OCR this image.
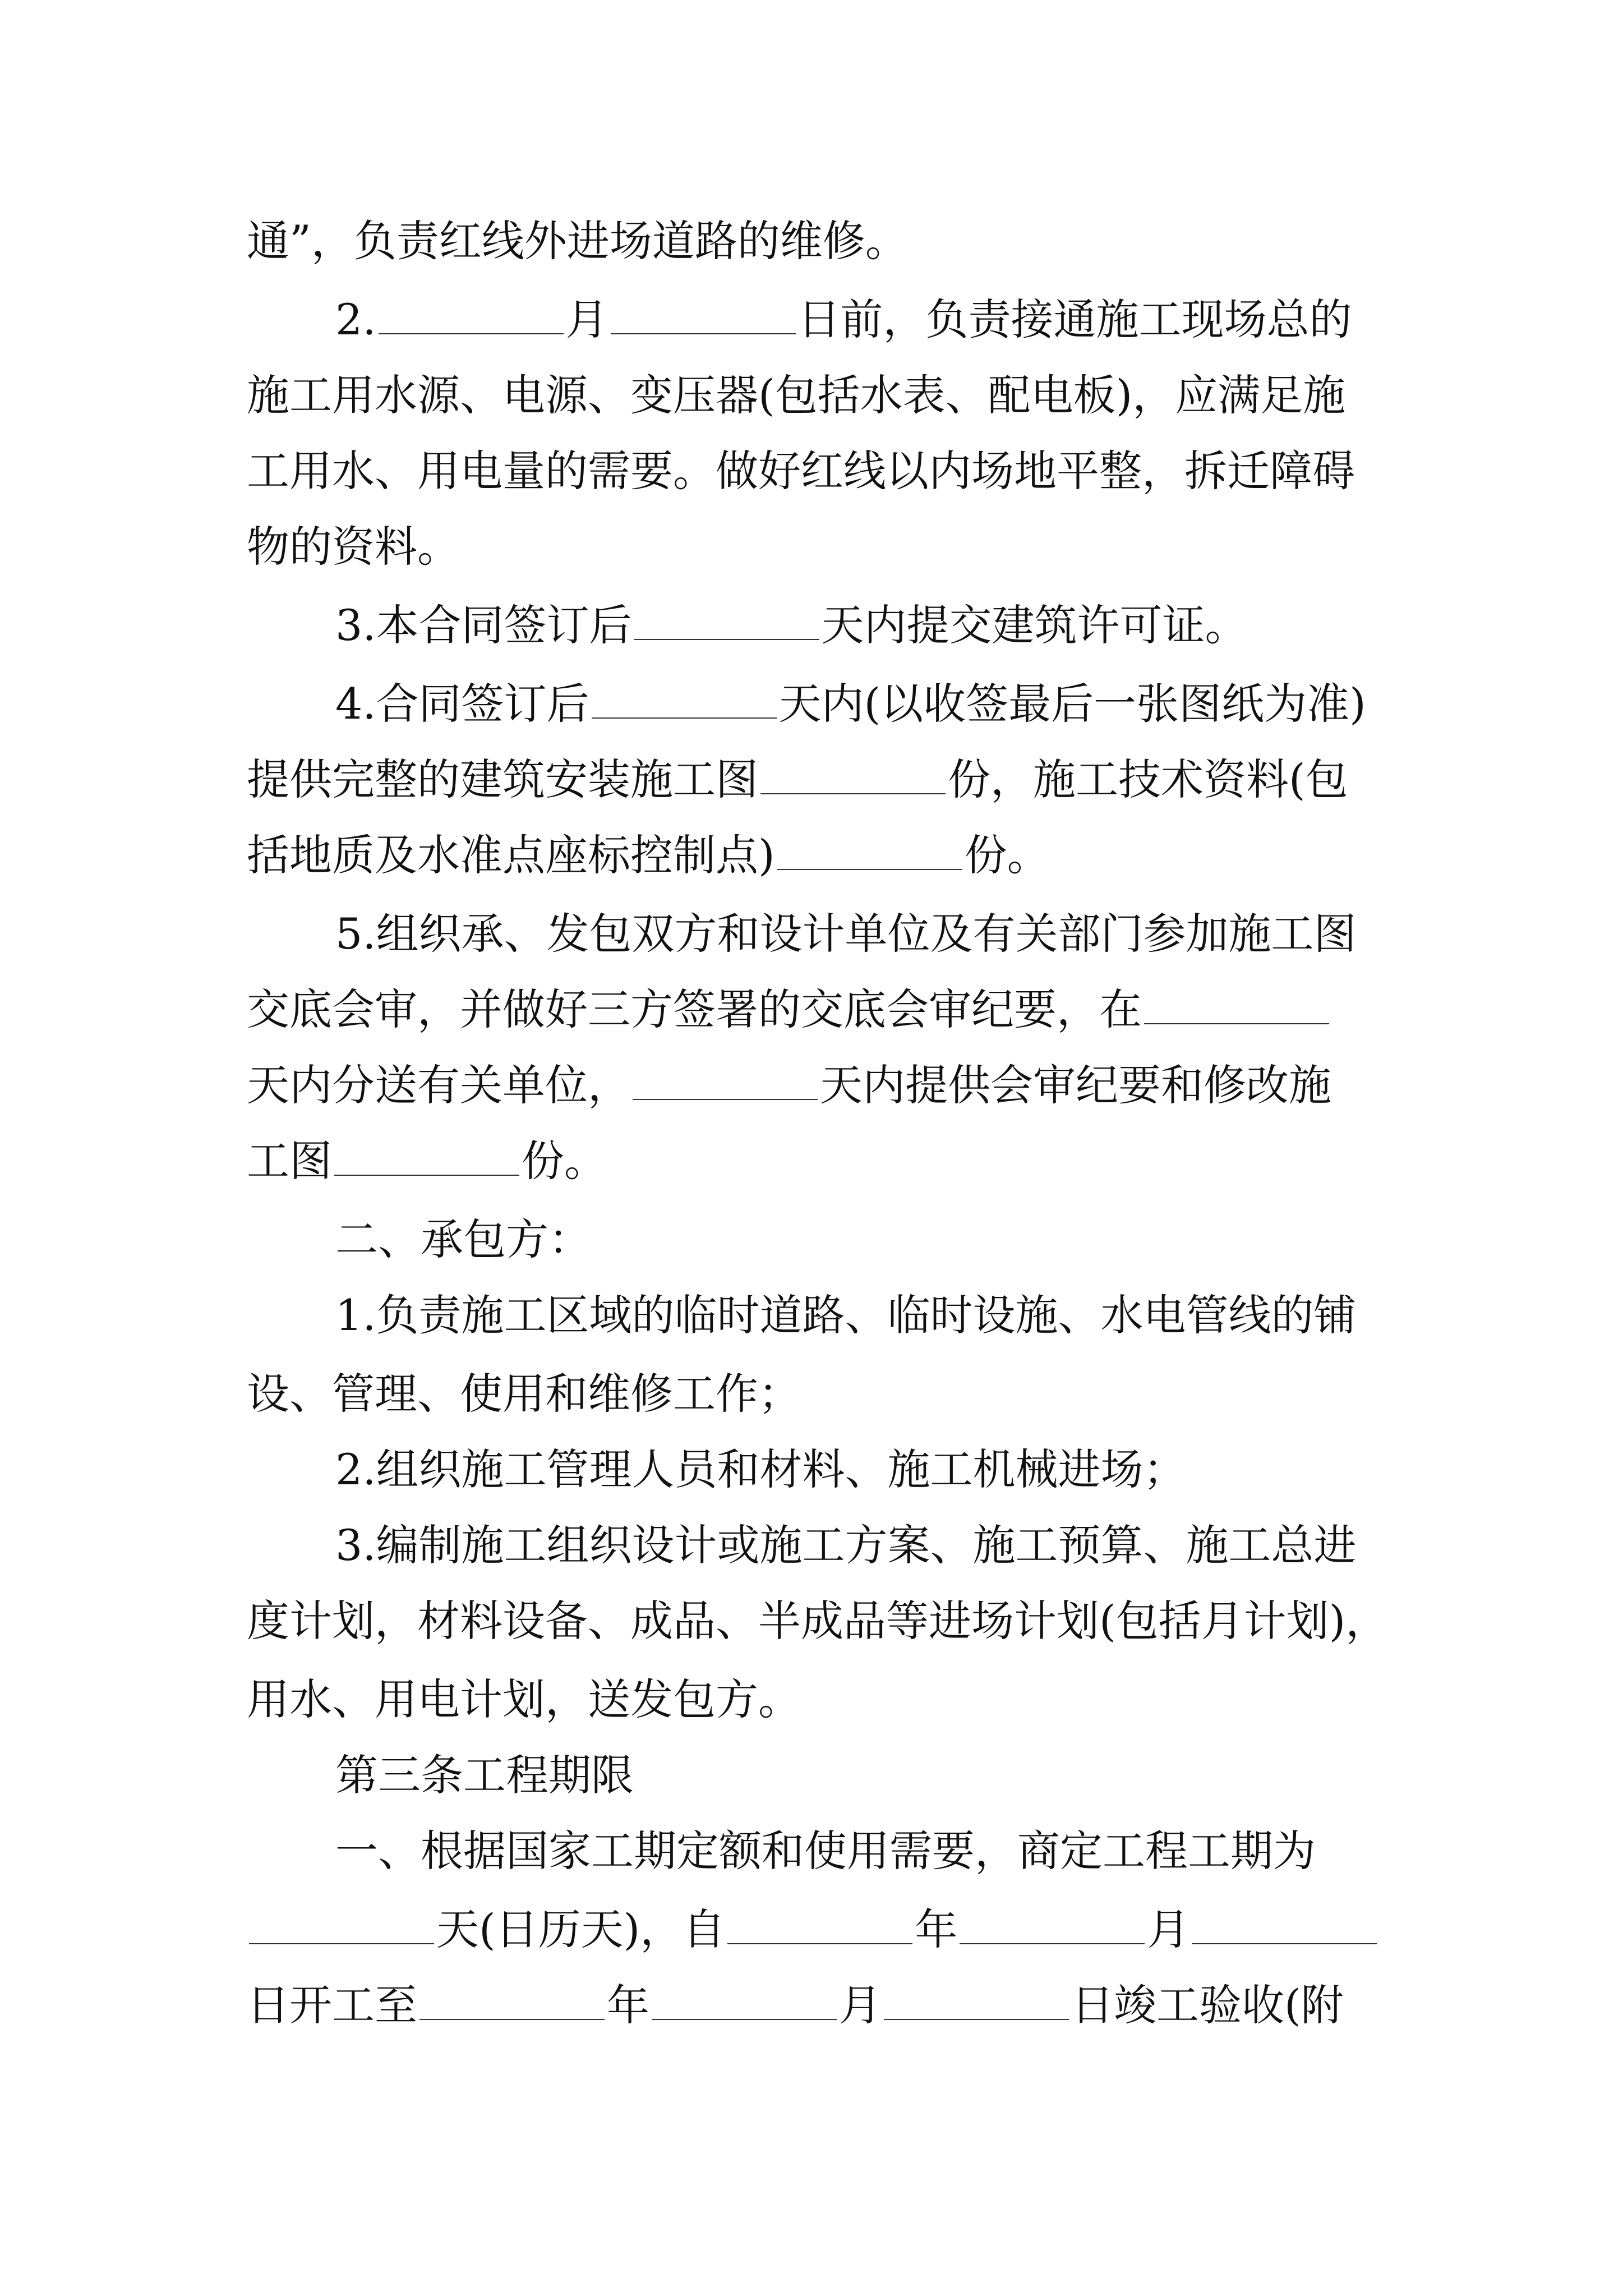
通”，负责红线外进场道路的维修。
2.	月	日前，负责接通施工现场总的
施工用水源、电源、变压器(包括水表、配电板)，应满足施
工用水、用电量的需要。做好红线以内场地平整，拆迁障碍
物的资料。
3.本合同签订后	天内提交建筑许可证。
4.合同签订后	天内(以收签最后一张图纸为准)
提供完整的建筑安装施工图	份，施工技术资料(包
括地质及水准点座标控制点)	份。
5.组织承、发包双方和设计单位及有关部门参加施工图
交底会审，并做好三方签署的交底会审纪要，在
天内分送有关单位，	天内提供会审纪要和修改施
工图	份。
二、承包方：
1.负责施工区域的临时道路、临时设施、水电管线的铺
设、管理、使用和维修工作；
2.组织施工管理人员和材料、施工机械进场；
3.编制施工组织设计或施工方案、施工预算、施工总进
度计划，材料设备、成品、半成品等进场计划(包括月计划)，
用水、用电计划，送发包方。
第三条工程期限
一、根据国家工期定额和使用需要，商定工程工期为
天(日历天)，自	年	月
日开工至	年	月	日竣工验收(附
